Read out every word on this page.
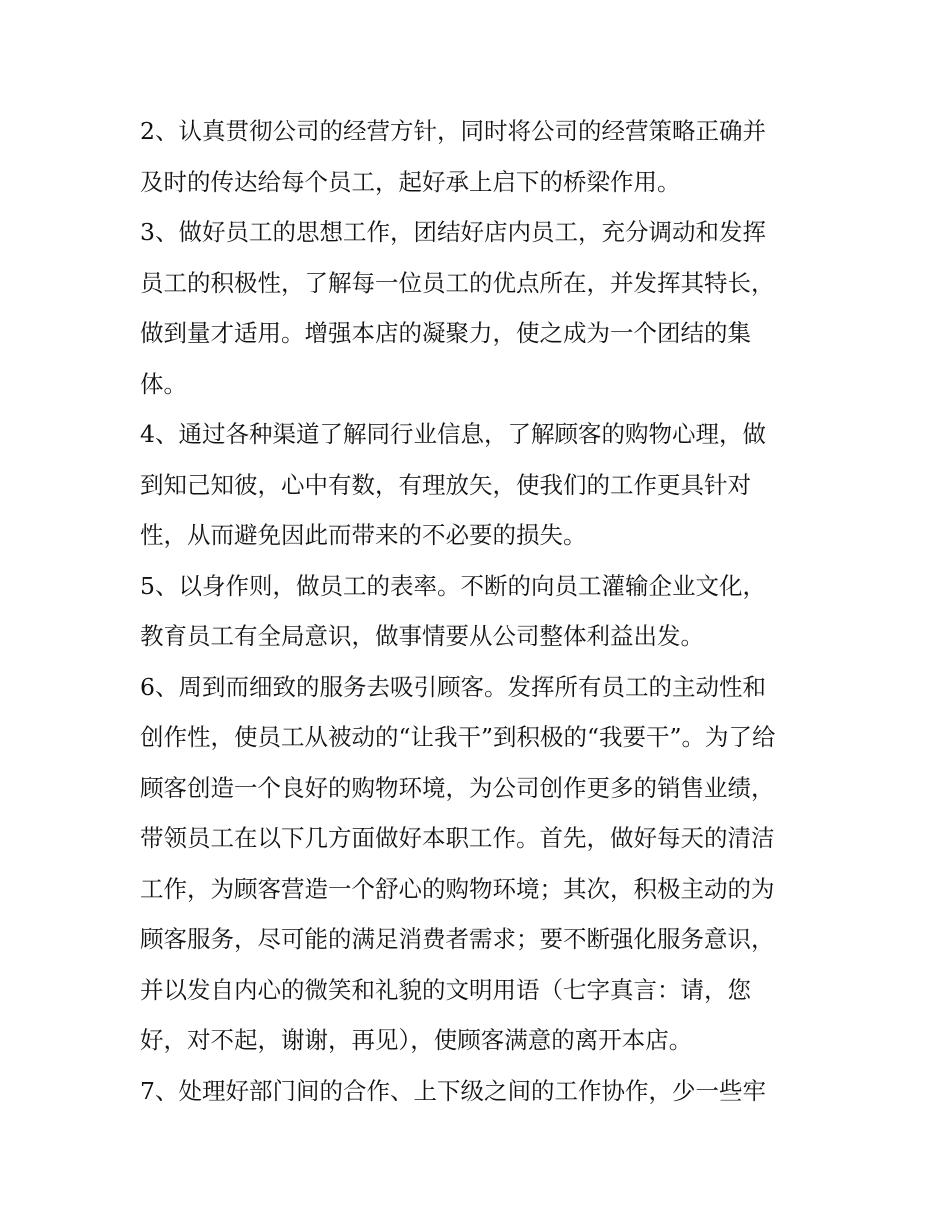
2、认真贯彻公司的经营方针，同时将公司的经营策略正确并
及时的传达给每个员工，起好承上启下的桥梁作用。
3、做好员工的思想工作，团结好店内员工，充分调动和发挥
员工的积极性，了解每一位员工的优点所在，并发挥其特长，
做到量才适用。增强本店的凝聚力，使之成为一个团结的集
体。
4、通过各种渠道了解同行业信息，了解顾客的购物心理，做
到知己知彼，心中有数，有理放矢，使我们的工作更具针对
性，从而避免因此而带来的不必要的损失。
5、以身作则，做员工的表率。不断的向员工灌输企业文化，
教育员工有全局意识，做事情要从公司整体利益出发。
6、周到而细致的服务去吸引顾客。发挥所有员工的主动性和
创作性，使员工从被动的“让我干”到积极的“我要干”。为了给
顾客创造一个良好的购物环境，为公司创作更多的销售业绩，
带领员工在以下几方面做好本职工作。首先，做好每天的清洁
工作，为顾客营造一个舒心的购物环境；其次，积极主动的为
顾客服务，尽可能的满足消费者需求；要不断强化服务意识，
并以发自内心的微笑和礼貌的文明用语（七字真言：请，您
好，对不起，谢谢，再见），使顾客满意的离开本店。
7、处理好部门间的合作、上下级之间的工作协作，少一些牢
